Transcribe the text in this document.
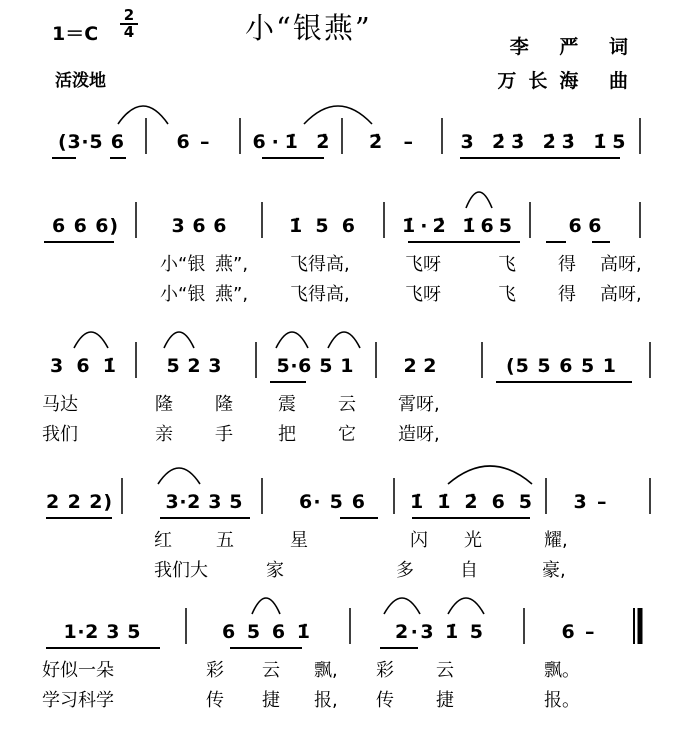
小“银燕”
1＝C
2
4
活泼地
李 严 词
万长海 曲
(3·5 6	6 – 6·1̇ 2̇ 2̇ –	3 2̇3̇ 2̇3̇ 1̇5
6 6 6)	3 6 6	1̇ 5 6 1̇·2̇ 1̇65	6 6
小“银 燕”, 飞得高,	飞呀	飞 得 高呀,
小“银 燕”, 飞得高,	飞呀	飞 得 高呀,
3 6 1̇	5 2 3	5·6 5 1	2 2	(5 5 6 5 1
马达	隆 隆	震 云 霄呀,
我们	亲 手	把 它 造呀,
2 2 2)	3·2 3 5	6· 5 6 1̇ 1̇ 2̇ 6 5 3 –
红 五	星	闪 光	耀,
我们大	家	多	自	豪,
1·2 3 5	6 5 6 1̇	2·3 1̇ 5	6 –
好似一朵	彩 云 飘, 彩 云	飘。
学习科学	传 捷 报, 传 捷	报。
